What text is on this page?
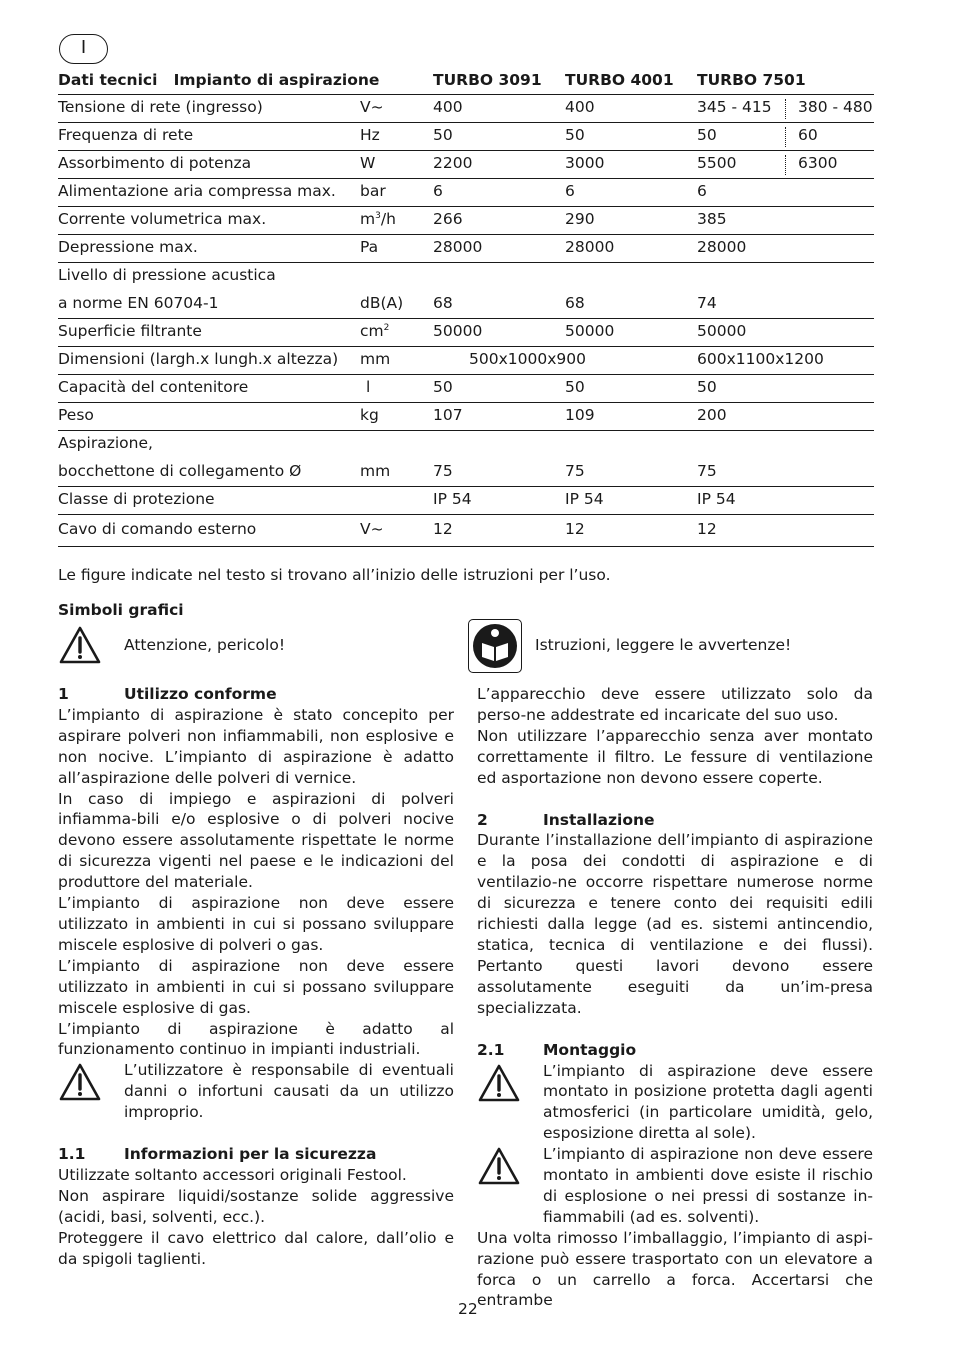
I
Dati tecnici Impianto di aspirazione	TURBO 3091 TURBO 4001 TURBO 7501
Tensione di rete (ingresso)	V~	400	400	345 - 415 380 - 480
Frequenza di rete	Hz	50	50	50	60
Assorbimento di potenza	W	2200	3000	5500	6300
Alimentazione aria compressa max. bar	6	6	6
Corrente volumetrica max.	$m^3/h$ 266	290	385
Depressione max.	Pa	28000	28000	28000
Livello di pressione acustica
a norme EN 60704-1	dB(A) 68	68	74
Superficie filtrante	$cm^2$	50000	50000	50000
Dimensioni (largh.x lungh.x altezza) mm	500x1000x900	600x1100x1200
Capacità del contenitore	l	50	50	50
Peso	kg	107	109	200
Aspirazione,
bocchettone di collegamento Ø	mm	75	75	75
Classe di protezione	IP 54	IP 54	IP 54
Cavo di comando esterno	V~	12	12	12
Le figure indicate nel testo si trovano all’inizio delle istruzioni per l’uso.
Simboli grafici
Attenzione, pericolo!	Istruzioni, leggere le avvertenze!
1	Utilizzo conforme

L’impianto di aspirazione è stato concepito per aspirare polveri non infiammabili, non esplosive e non nocive. L’impianto di aspirazione è adatto all’aspirazione delle polveri di vernice.

In caso di impiego e aspirazioni di polveri infiamma-bili e/o esplosive o di polveri nocive devono essere assolutamente rispettate le norme di sicurezza vigenti nel paese e le indicazioni del produttore del materiale.

L’impianto di aspirazione non deve essere utilizzato in ambienti in cui si possano sviluppare miscele esplosive di polveri o gas.

L’impianto di aspirazione non deve essere utilizzato in ambienti in cui si possano sviluppare miscele esplosive di gas.

L’impianto di aspirazione è adatto al funzionamento continuo in impianti industriali.

L’utilizzatore è responsabile di eventuali danni o infortuni causati da un utilizzo improprio.

1.1 Informazioni per la sicurezza

Utilizzate soltanto accessori originali Festool.

Non aspirare liquidi/sostanze solide aggressive (acidi, basi, solventi, ecc.).

Proteggere il cavo elettrico dal calore, dall’olio e da spigoli taglienti.

L’apparecchio deve essere utilizzato solo da perso-ne addestrate ed incaricate del suo uso.

Non utilizzare l’apparecchio senza aver montato correttamente il filtro. Le fessure di ventilazione ed asportazione non devono essere coperte.

2	Installazione

Durante l’installazione dell’impianto di aspirazione e la posa dei condotti di aspirazione e di ventilazio-ne occorre rispettare numerose norme di sicurezza e tenere conto dei requisiti edili richiesti dalla legge (ad es. sistemi antincendio, statica, tecnica di ventilazione e dei flussi). Pertanto questi lavori devono essere assolutamente eseguiti da un’im-presa specializzata.

2.1 Montaggio

L’impianto di aspirazione deve essere montato in posizione protetta dagli agenti atmosferici (in particolare umidità, gelo, esposizione diretta al sole).

L’impianto di aspirazione non deve essere montato in ambienti dove esiste il rischio di esplosione o nei pressi di sostanze in-fiammabili (ad es. solventi).

Una volta rimosso l’imballaggio, l’impianto di aspi-razione può essere trasportato con un elevatore a forca o un carrello a forca. Accertarsi che entrambe

22
